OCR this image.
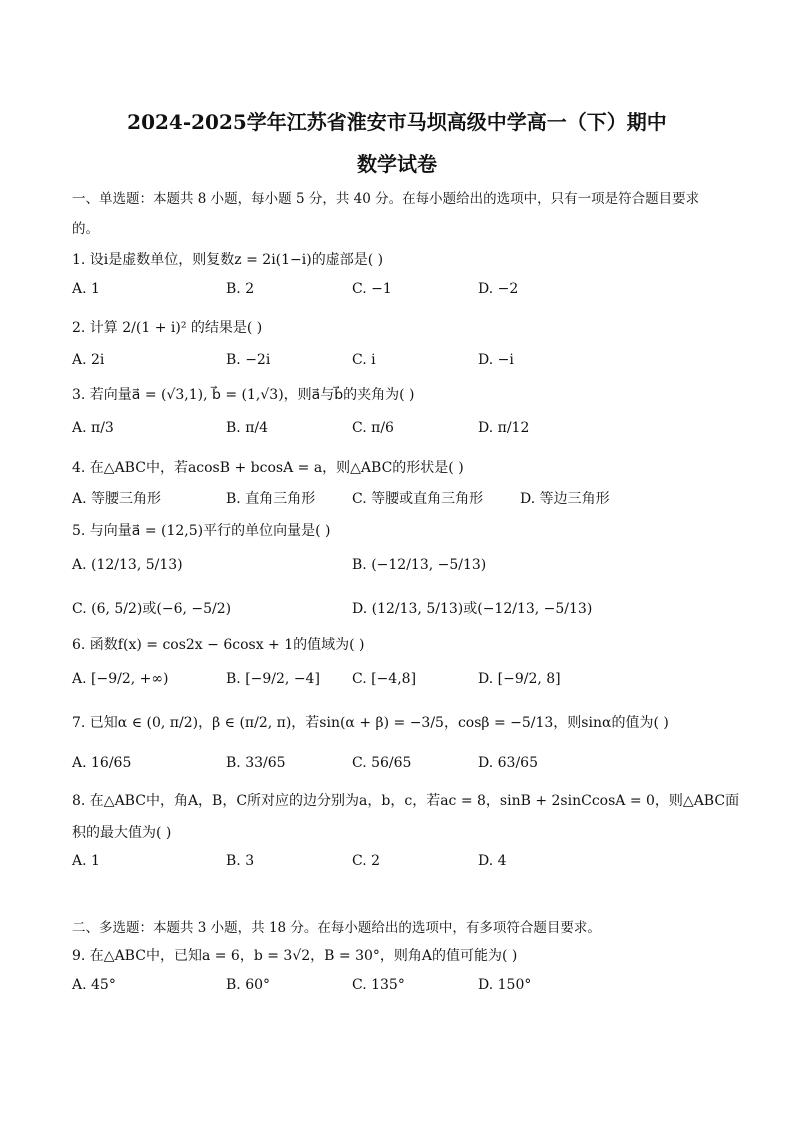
2024-2025学年江苏省淮安市马坝高级中学高一（下）期中
数学试卷
一、单选题：本题共 8 小题，每小题 5 分，共 40 分。在每小题给出的选项中，只有一项是符合题目要求
的。
1. 设i是虚数单位，则复数z = 2i(1−i)的虚部是( )
A. 1	B. 2	C. −1	D. −2
2. 计算 2/(1 + i)² 的结果是( )
A. 2i	B. −2i	C. i	D. −i
3. 若向量a⃗ = (√3,1), b⃗ = (1,√3)，则a⃗与b⃗的夹角为( )
A. π/3	B. π/4	C. π/6	D. π/12
4. 在△ABC中，若acosB + bcosA = a，则△ABC的形状是( )
A. 等腰三角形	B. 直角三角形	C. 等腰或直角三角形	D. 等边三角形
5. 与向量a⃗ = (12,5)平行的单位向量是( )
A. (12/13, 5/13)	B. (−12/13, −5/13)
C. (6, 5/2)或(−6, −5/2)	D. (12/13, 5/13)或(−12/13, −5/13)
6. 函数f(x) = cos2x − 6cosx + 1的值域为( )
A. [−9/2, +∞)	B. [−9/2, −4] C. [−4,8]	D. [−9/2, 8]
7. 已知α ∈ (0, π/2)，β ∈ (π/2, π)，若sin(α + β) = −3/5，cosβ = −5/13，则sinα的值为( )
A. 16/65	B. 33/65	C. 56/65	D. 63/65
8. 在△ABC中，角A，B，C所对应的边分别为a，b，c，若ac = 8，sinB + 2sinCcosA = 0，则△ABC面
积的最大值为( )
A. 1	B. 3	C. 2	D. 4
二、多选题：本题共 3 小题，共 18 分。在每小题给出的选项中，有多项符合题目要求。
9. 在△ABC中，已知a = 6，b = 3√2，B = 30°，则角A的值可能为( )
A. 45°	B. 60°	C. 135°	D. 150°
